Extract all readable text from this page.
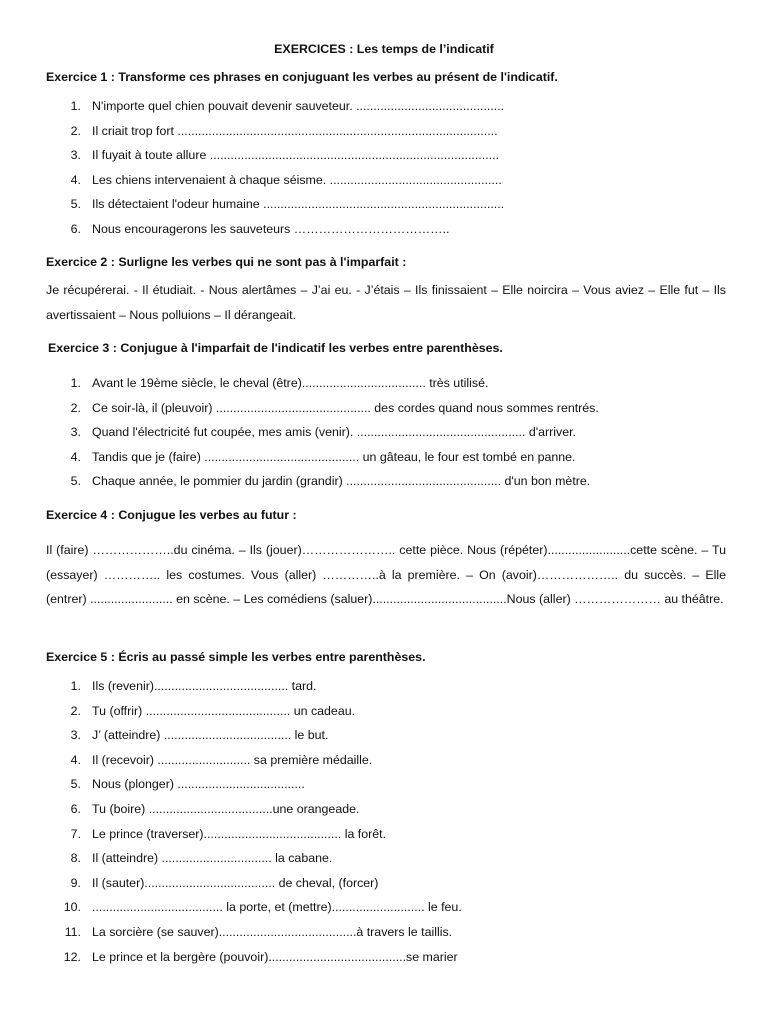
EXERCICES : Les temps de l’indicatif
Exercice 1 : Transforme ces phrases en conjuguant les verbes au présent de l'indicatif.
1. N'importe quel chien pouvait devenir sauveteur. ...........................................
2. Il criait trop fort .............................................................................................
3. Il fuyait à toute allure ....................................................................................
4. Les chiens intervenaient à chaque séisme. ..................................................
5. Ils détectaient l'odeur humaine ......................................................................
6. Nous encouragerons les sauveteurs ………………………………..
Exercice 2 : Surligne les verbes qui ne sont pas à l'imparfait :
Je récupérerai. - Il étudiait. - Nous alertâmes – J’ai eu. - J’étais – Ils finissaient – Elle noircira – Vous aviez – Elle fut – Ils avertissaient – Nous polluions – Il dérangeait.
Exercice 3 : Conjugue à l'imparfait de l'indicatif les verbes entre parenthèses.
1. Avant le 19ème siècle, le cheval (être).................................... très utilisé.
2. Ce soir-là, il (pleuvoir) ............................................. des cordes quand nous sommes rentrés.
3. Quand l'électricité fut coupée, mes amis (venir). ................................................. d'arriver.
4. Tandis que je (faire) ............................................. un gâteau, le four est tombé en panne.
5. Chaque année, le pommier du jardin (grandir) ............................................. d'un bon mètre.
Exercice 4 : Conjugue les verbes au futur :
Il (faire) ………………..du cinéma. – Ils (jouer)………………….. cette pièce. Nous (répéter)........................cette scène. – Tu (essayer) ………….. les costumes. Vous (aller) …………..à la première. – On (avoir)……………….. du succès. – Elle (entrer) ........................ en scène. – Les comédiens (saluer).......................................Nous (aller) ………………… au théâtre.
Exercice 5 : Écris au passé simple les verbes entre parenthèses.
1. Ils (revenir)....................................... tard.
2. Tu (offrir) .......................................... un cadeau.
3. J’ (atteindre) ..................................... le but.
4. Il (recevoir) ........................... sa première médaille.
5. Nous (plonger) .....................................
6. Tu (boire) ....................................une orangeade.
7. Le prince (traverser)........................................ la forêt.
8. Il (atteindre) ................................ la cabane.
9. Il (sauter)...................................... de cheval, (forcer)
10. ...................................... la porte, et (mettre)........................... le feu.
11. La sorcière (se sauver)........................................à travers le taillis.
12. Le prince et la bergère (pouvoir)........................................se marier
